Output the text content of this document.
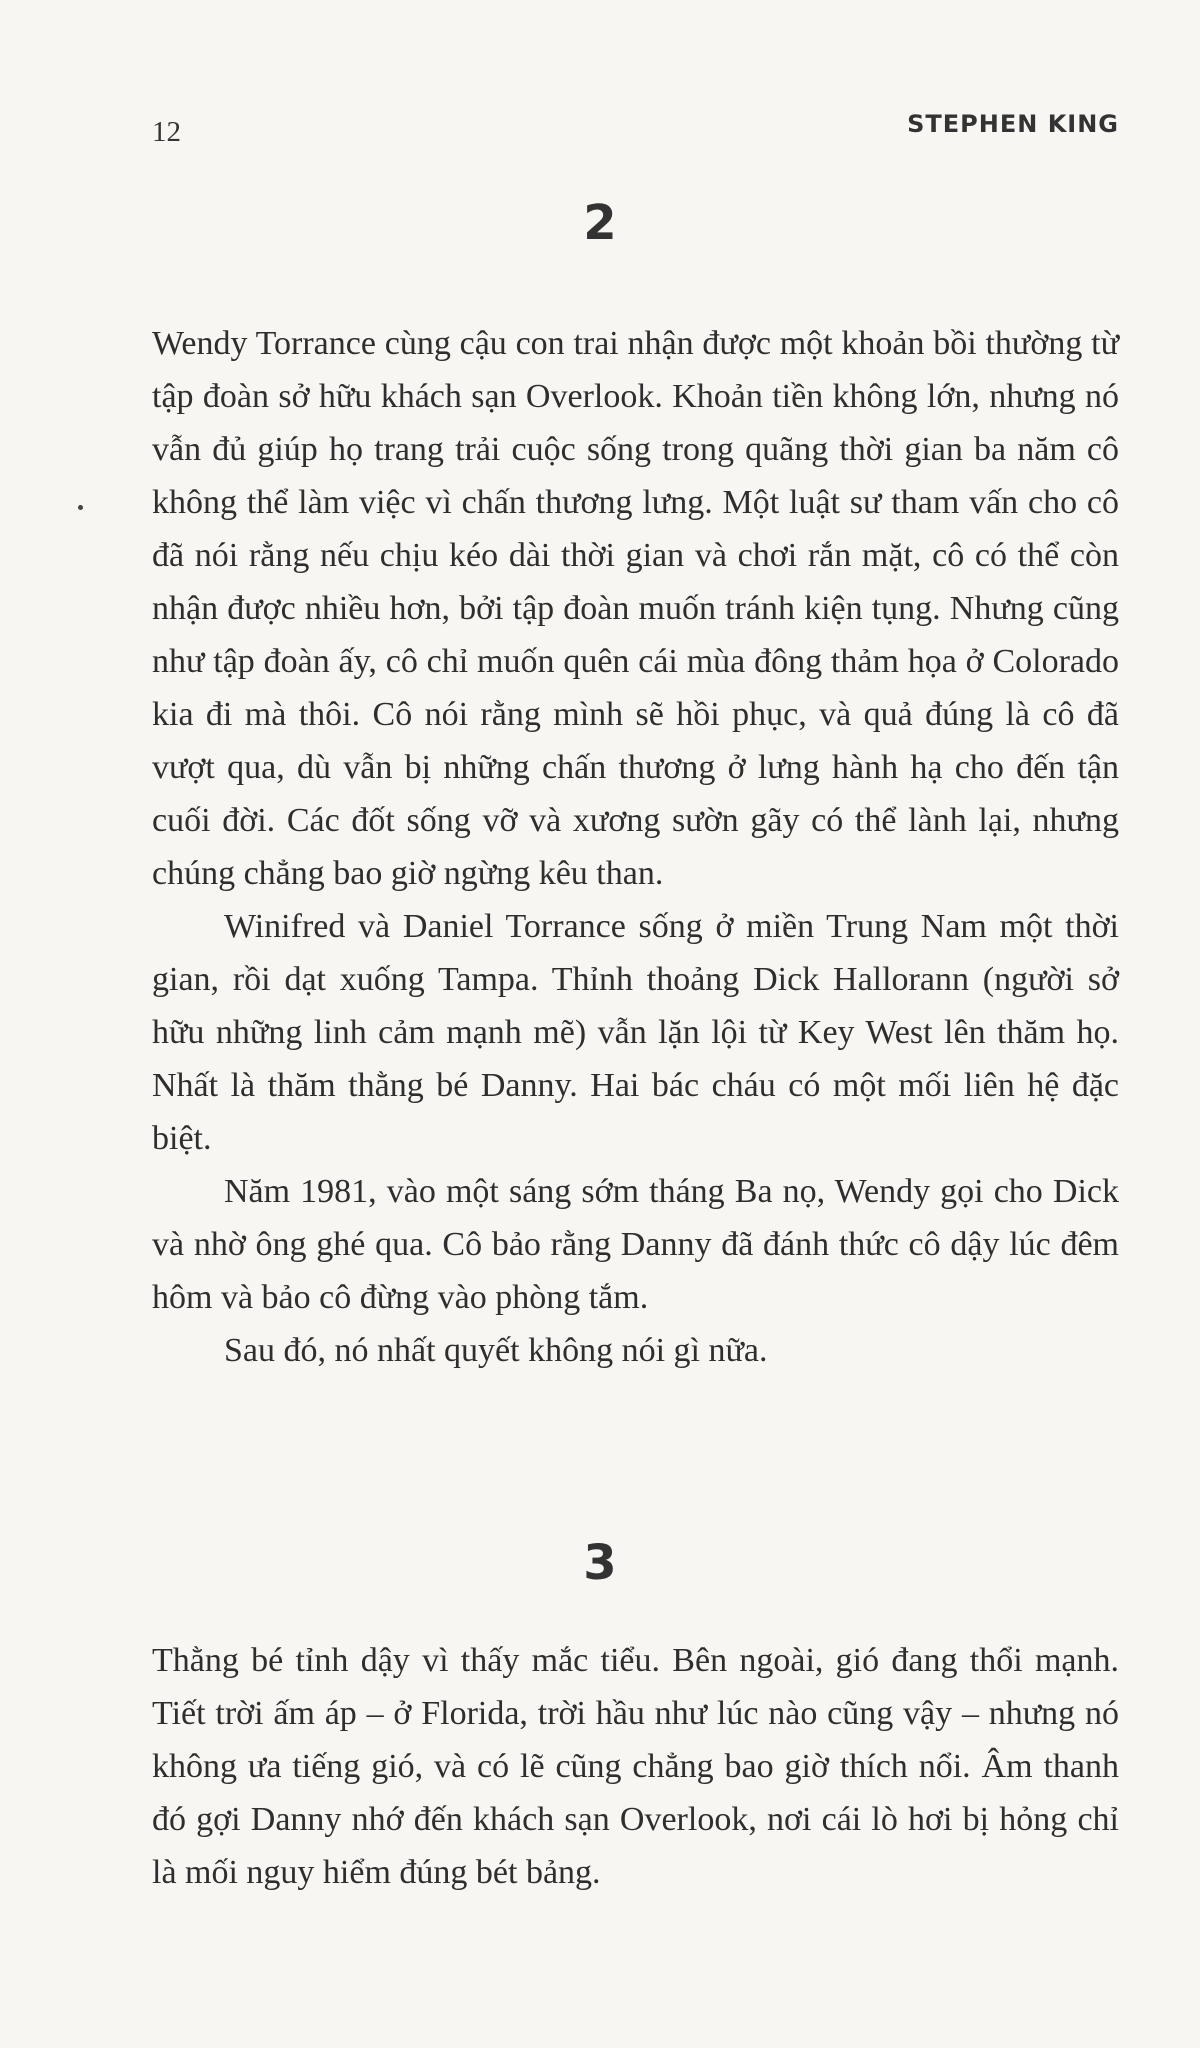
12	STEPHEN KING
2

Wendy Torrance cùng cậu con trai nhận được một khoản bồi thường từ tập đoàn sở hữu khách sạn Overlook. Khoản tiền không lớn, nhưng nó vẫn đủ giúp họ trang trải cuộc sống trong quãng thời gian ba năm cô không thể làm việc vì chấn thương lưng. Một luật sư tham vấn cho cô đã nói rằng nếu chịu kéo dài thời gian và chơi rắn mặt, cô có thể còn nhận được nhiều hơn, bởi tập đoàn muốn tránh kiện tụng. Nhưng cũng như tập đoàn ấy, cô chỉ muốn quên cái mùa đông thảm họa ở Colorado kia đi mà thôi. Cô nói rằng mình sẽ hồi phục, và quả đúng là cô đã vượt qua, dù vẫn bị những chấn thương ở lưng hành hạ cho đến tận cuối đời. Các đốt sống vỡ và xương sườn gãy có thể lành lại, nhưng chúng chẳng bao giờ ngừng kêu than.

Winifred và Daniel Torrance sống ở miền Trung Nam một thời gian, rồi dạt xuống Tampa. Thỉnh thoảng Dick Hallorann (người sở hữu những linh cảm mạnh mẽ) vẫn lặn lội từ Key West lên thăm họ. Nhất là thăm thằng bé Danny. Hai bác cháu có một mối liên hệ đặc biệt.

Năm 1981, vào một sáng sớm tháng Ba nọ, Wendy gọi cho Dick và nhờ ông ghé qua. Cô bảo rằng Danny đã đánh thức cô dậy lúc đêm hôm và bảo cô đừng vào phòng tắm.

Sau đó, nó nhất quyết không nói gì nữa.

3

Thằng bé tỉnh dậy vì thấy mắc tiểu. Bên ngoài, gió đang thổi mạnh. Tiết trời ấm áp – ở Florida, trời hầu như lúc nào cũng vậy – nhưng nó không ưa tiếng gió, và có lẽ cũng chẳng bao giờ thích nổi. Âm thanh đó gợi Danny nhớ đến khách sạn Overlook, nơi cái lò hơi bị hỏng chỉ là mối nguy hiểm đúng bét bảng.
